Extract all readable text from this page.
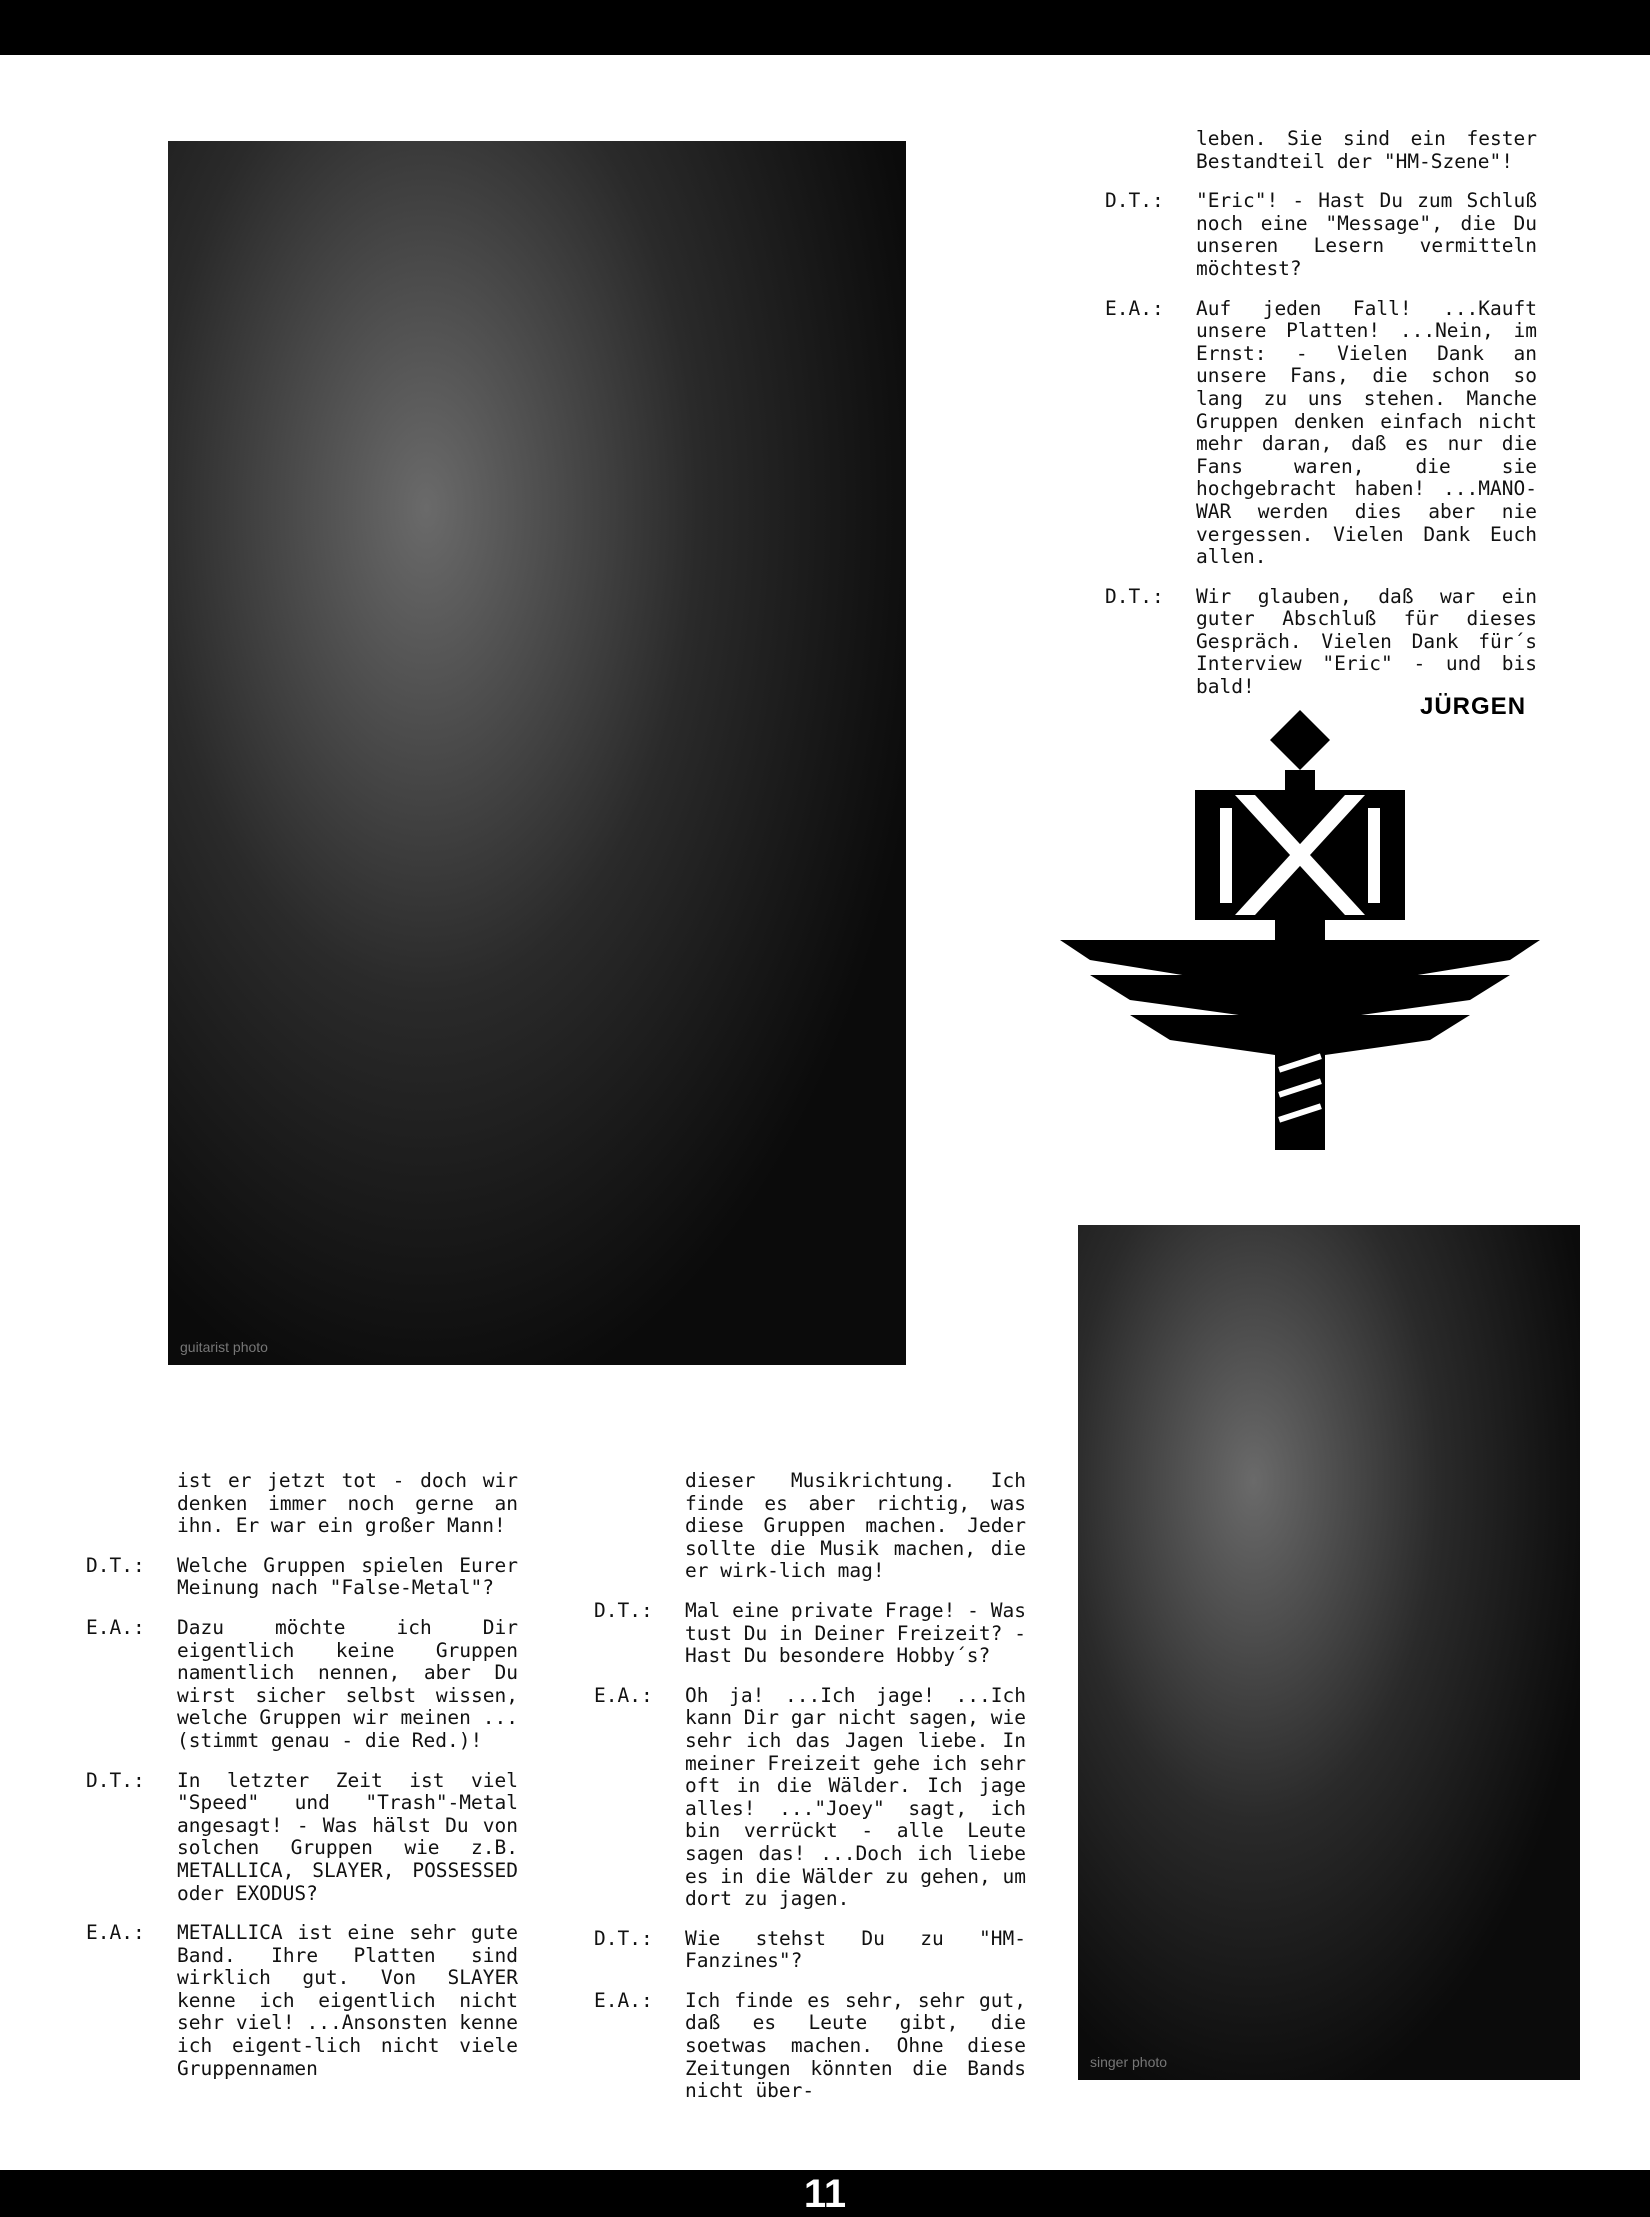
guitarist photo
singer photo
leben. Sie sind ein fester Bestandteil der "HM-Szene"!
D.T.:	"Eric"! - Hast Du zum Schluß noch eine "Message", die Du unseren Lesern vermitteln möchtest?
E.A.:	Auf jeden Fall! ...Kauft unsere Platten! ...Nein, im Ernst: - Vielen Dank an unsere Fans, die schon so lang zu uns stehen. Manche Gruppen denken einfach nicht mehr daran, daß es nur die Fans waren, die sie hochgebracht haben! ...MANO-WAR werden dies aber nie vergessen. Vielen Dank Euch allen.
D.T.:	Wir glauben, daß war ein guter Abschluß für dieses Gespräch. Vielen Dank für´s Interview "Eric" - und bis bald!
ist er jetzt tot - doch wir denken immer noch gerne an ihn. Er war ein großer Mann!
D.T.:	Welche Gruppen spielen Eurer Meinung nach "False-Metal"?
E.A.:	Dazu möchte ich Dir eigentlich keine Gruppen namentlich nennen, aber Du wirst sicher selbst wissen, welche Gruppen wir meinen ...(stimmt genau - die Red.)!
D.T.:	In letzter Zeit ist viel "Speed" und "Trash"-Metal angesagt! - Was hälst Du von solchen Gruppen wie z.B. METALLICA, SLAYER, POSSESSED oder EXODUS?
E.A.:	METALLICA ist eine sehr gute Band. Ihre Platten sind wirklich gut. Von SLAYER kenne ich eigentlich nicht sehr viel! ...Ansonsten kenne ich eigent-lich nicht viele Gruppennamen
dieser Musikrichtung. Ich finde es aber richtig, was diese Gruppen machen. Jeder sollte die Musik machen, die er wirk-lich mag!
D.T.:	Mal eine private Frage! - Was tust Du in Deiner Freizeit? - Hast Du besondere Hobby´s?
E.A.:	Oh ja! ...Ich jage! ...Ich kann Dir gar nicht sagen, wie sehr ich das Jagen liebe. In meiner Freizeit gehe ich sehr oft in die Wälder. Ich jage alles! ..."Joey" sagt, ich bin verrückt - alle Leute sagen das! ...Doch ich liebe es in die Wälder zu gehen, um dort zu jagen.
D.T.:	Wie stehst Du zu "HM-Fanzines"?
E.A.:	Ich finde es sehr, sehr gut, daß es Leute gibt, die soetwas machen. Ohne diese Zeitungen könnten die Bands nicht über-
JÜRGEN
11
